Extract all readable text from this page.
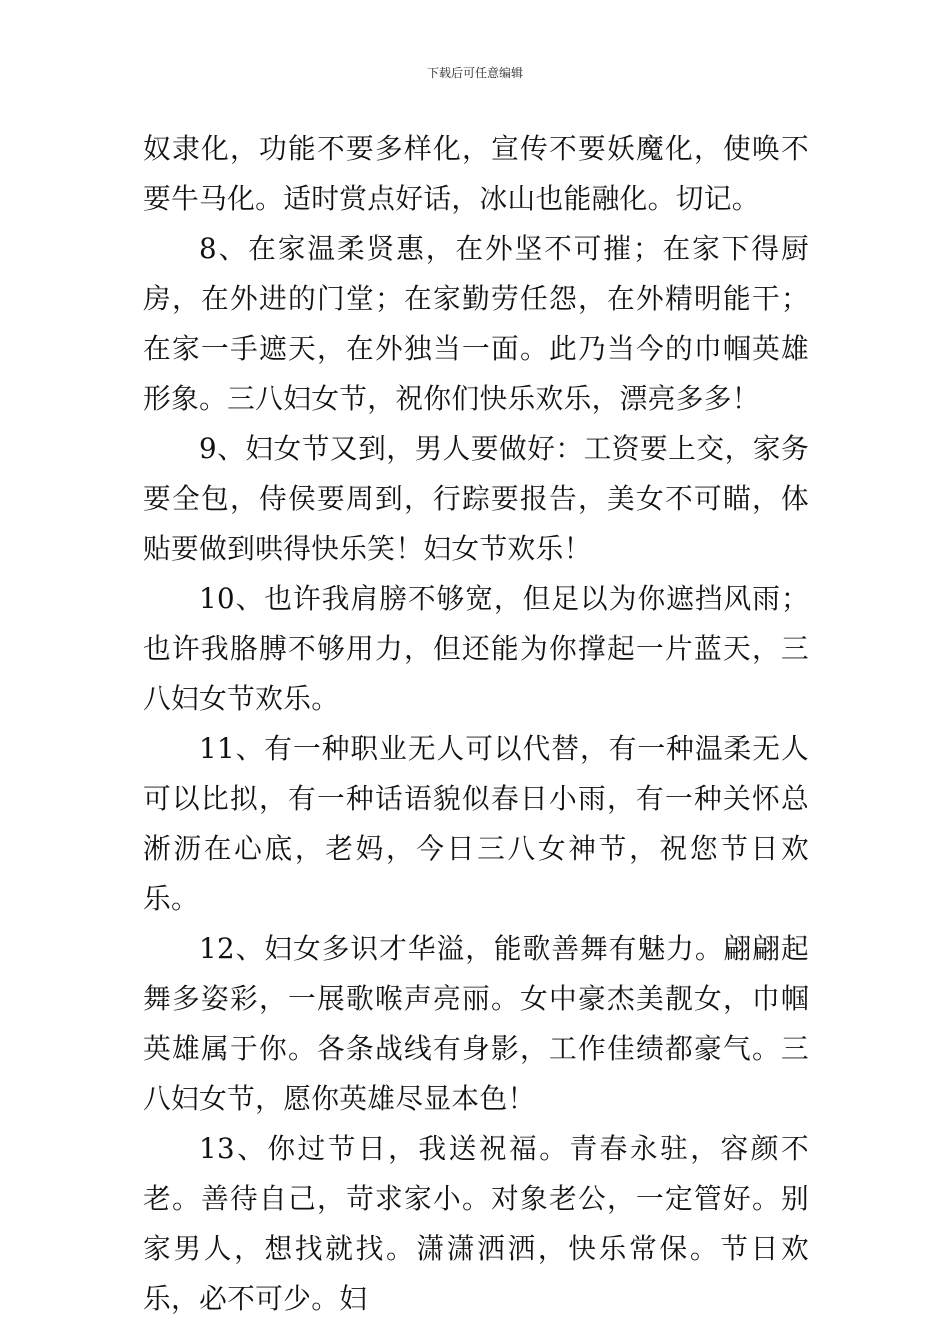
下载后可任意编辑

奴隶化，功能不要多样化，宣传不要妖魔化，使唤不要牛马化。适时赏点好话，冰山也能融化。切记。

8、在家温柔贤惠，在外坚不可摧；在家下得厨房，在外进的门堂；在家勤劳任怨，在外精明能干；在家一手遮天，在外独当一面。此乃当今的巾帼英雄形象。三八妇女节，祝你们快乐欢乐，漂亮多多！

9、妇女节又到，男人要做好：工资要上交，家务要全包，侍侯要周到，行踪要报告，美女不可瞄，体贴要做到哄得快乐笑！妇女节欢乐！

10、也许我肩膀不够宽，但足以为你遮挡风雨；也许我胳膊不够用力，但还能为你撑起一片蓝天，三八妇女节欢乐。

11、有一种职业无人可以代替，有一种温柔无人可以比拟，有一种话语貌似春日小雨，有一种关怀总淅沥在心底，老妈，今日三八女神节，祝您节日欢乐。

12、妇女多识才华溢，能歌善舞有魅力。翩翩起舞多姿彩，一展歌喉声亮丽。女中豪杰美靓女，巾帼英雄属于你。各条战线有身影，工作佳绩都豪气。三八妇女节，愿你英雄尽显本色！

13、你过节日，我送祝福。青春永驻，容颜不老。善待自己，苛求家小。对象老公，一定管好。别家男人，想找就找。潇潇洒洒，快乐常保。节日欢乐，必不可少。妇
